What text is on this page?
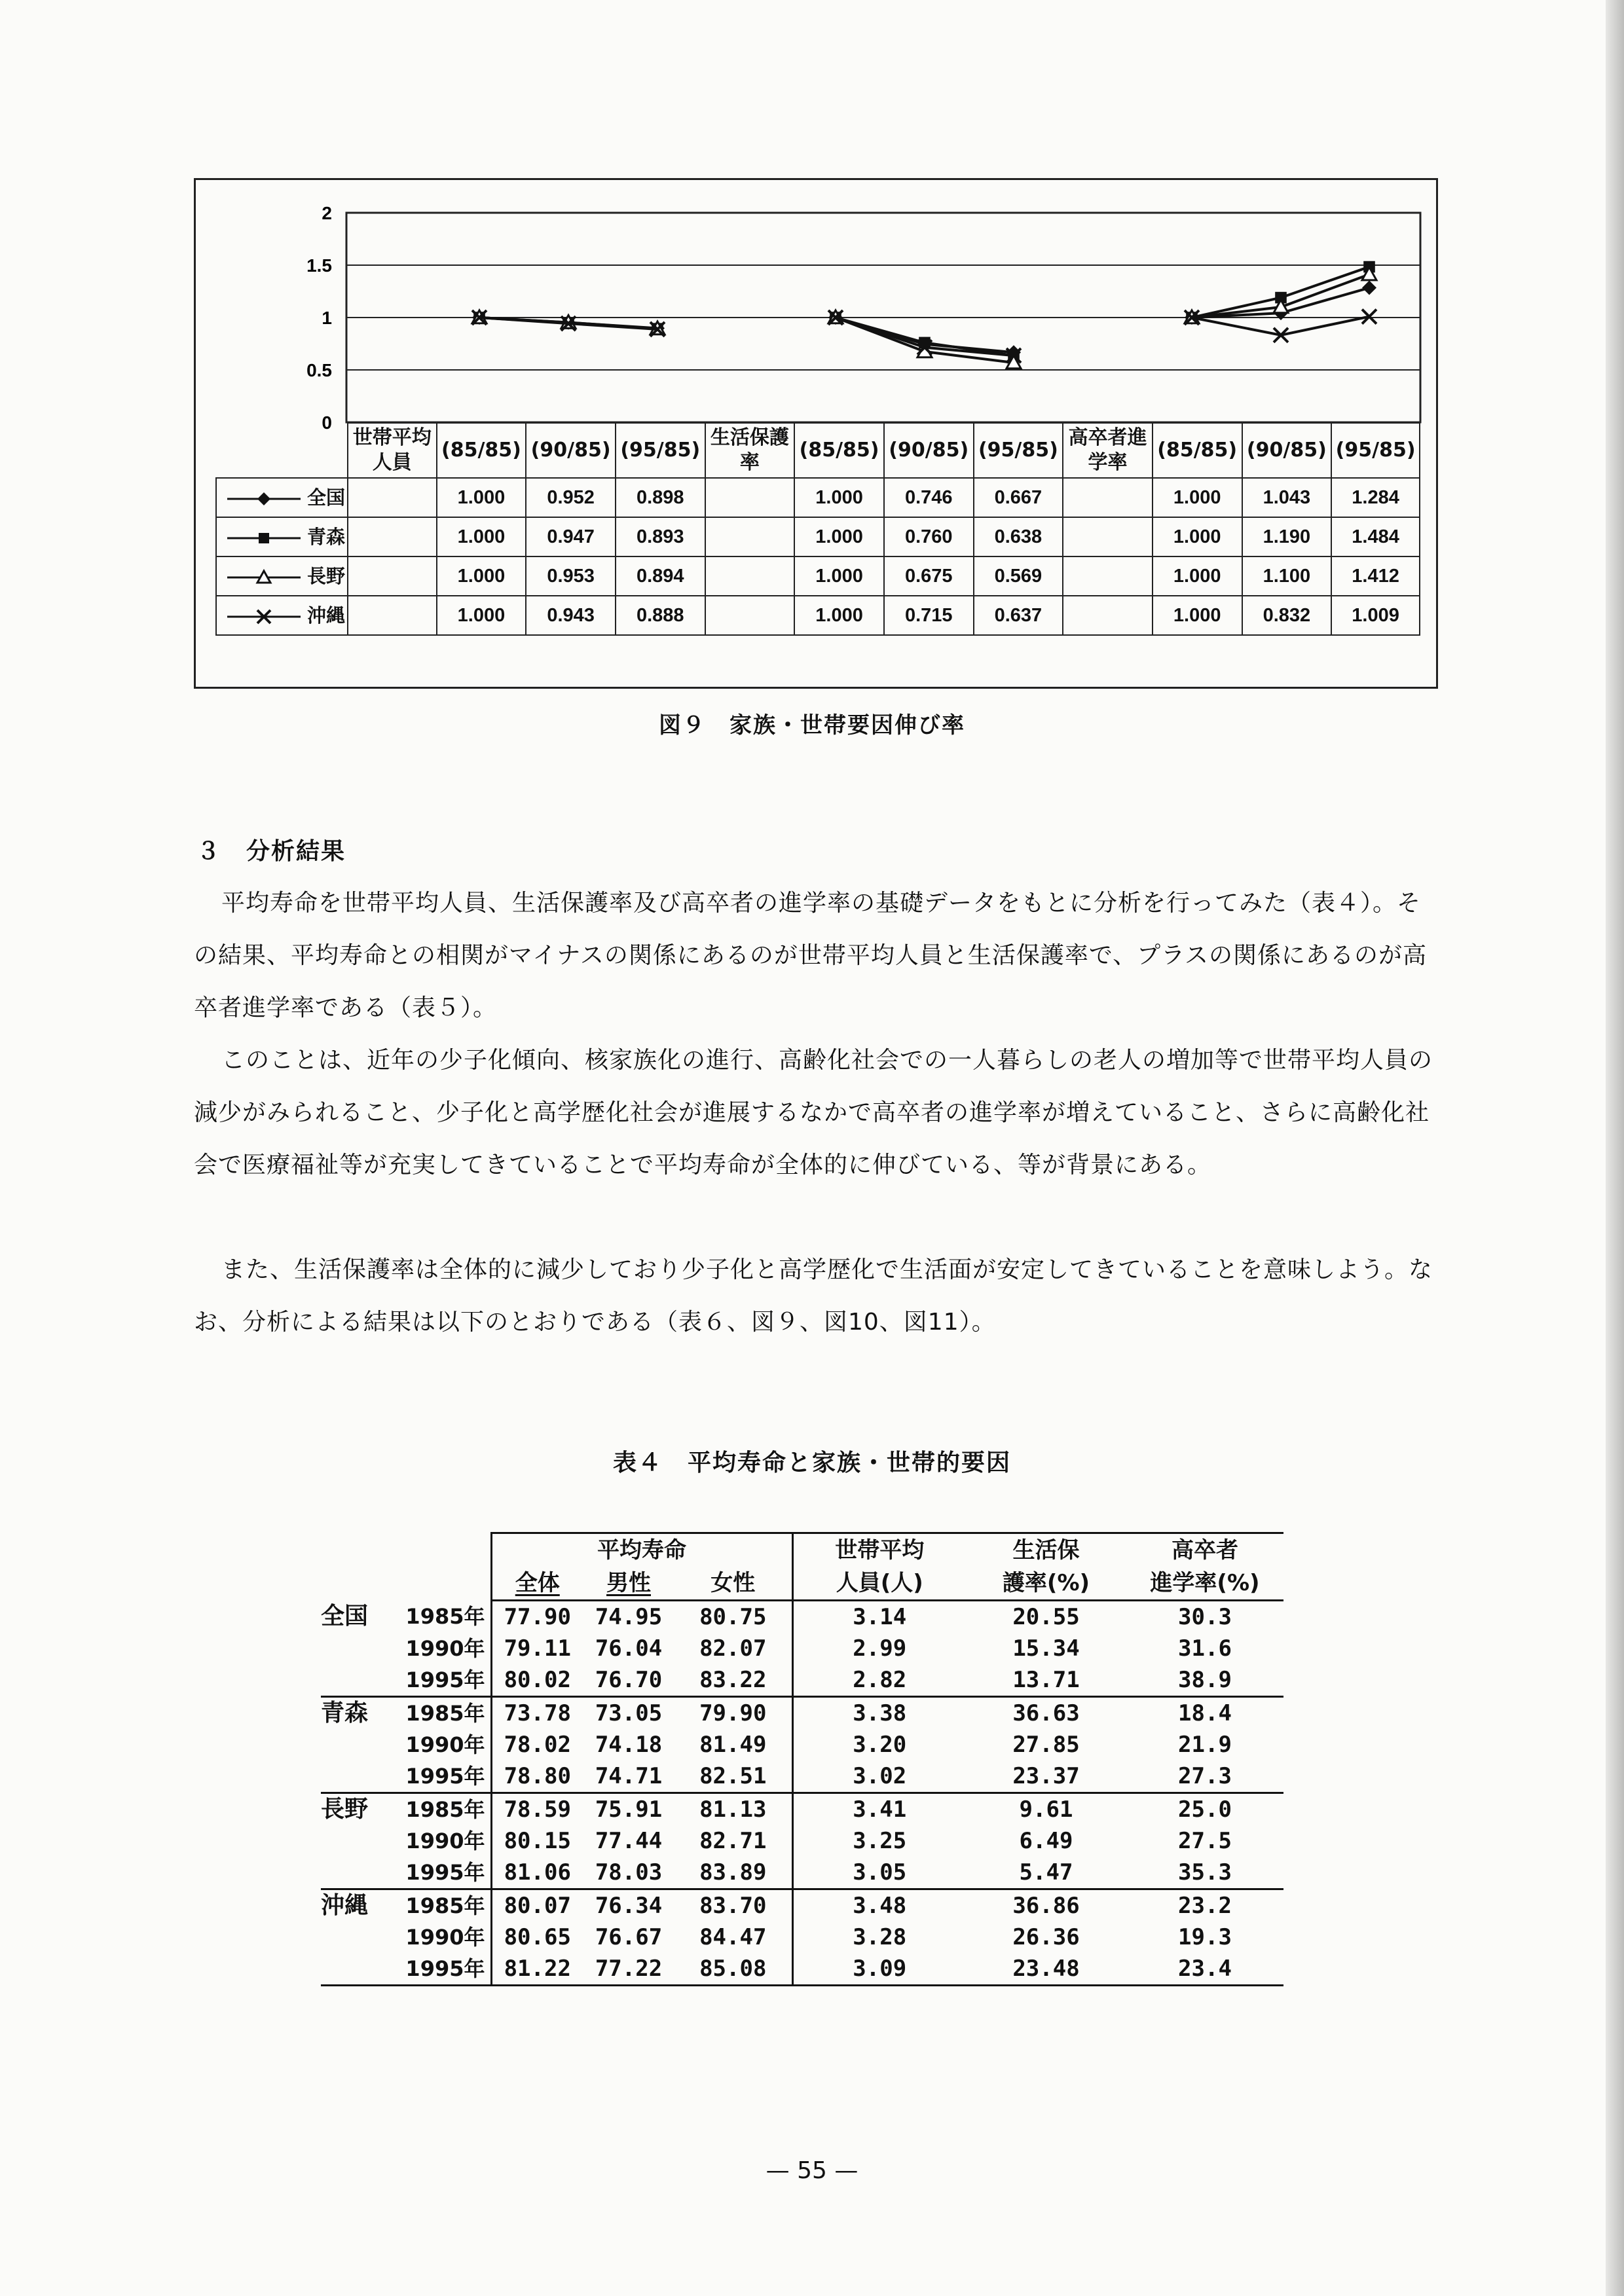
0
0.5
1
1.5
2
	世帯平均人員	(85/85)	(90/85)	(95/85)	生活保護率	(85/85)	(90/85)	(95/85)	高卒者進学率	(85/85)	(90/85)	(95/85)
全国		1.000	0.952	0.898		1.000	0.746	0.667		1.000	1.043	1.284
青森		1.000	0.947	0.893		1.000	0.760	0.638		1.000	1.190	1.484
長野		1.000	0.953	0.894		1.000	0.675	0.569		1.000	1.100	1.412
沖縄		1.000	0.943	0.888		1.000	0.715	0.637		1.000	0.832	1.009
図９　家族・世帯要因伸び率
３　分析結果
平均寿命を世帯平均人員、生活保護率及び高卒者の進学率の基礎データをもとに分析を行ってみた（表４）。その結果、平均寿命との相関がマイナスの関係にあるのが世帯平均人員と生活保護率で、プラスの関係にあるのが高卒者進学率である（表５）。
このことは、近年の少子化傾向、核家族化の進行、高齢化社会での一人暮らしの老人の増加等で世帯平均人員の減少がみられること、少子化と高学歴化社会が進展するなかで高卒者の進学率が増えていること、さらに高齢化社会で医療福祉等が充実してきていることで平均寿命が全体的に伸びている、等が背景にある。
また、生活保護率は全体的に減少しており少子化と高学歴化で生活面が安定してきていることを意味しよう。なお、分析による結果は以下のとおりである（表６、図９、図10、図11）。
表４　平均寿命と家族・世帯的要因
		平均寿命			世帯平均	生活保	高卒者
		全体	男性	女性	人員(人)	護率(%)	進学率(%)
全国	1985年	77.90	74.95	80.75	3.14	20.55	30.3
	1990年	79.11	76.04	82.07	2.99	15.34	31.6
	1995年	80.02	76.70	83.22	2.82	13.71	38.9
青森	1985年	73.78	73.05	79.90	3.38	36.63	18.4
	1990年	78.02	74.18	81.49	3.20	27.85	21.9
	1995年	78.80	74.71	82.51	3.02	23.37	27.3
長野	1985年	78.59	75.91	81.13	3.41	9.61	25.0
	1990年	80.15	77.44	82.71	3.25	6.49	27.5
	1995年	81.06	78.03	83.89	3.05	5.47	35.3
沖縄	1985年	80.07	76.34	83.70	3.48	36.86	23.2
	1990年	80.65	76.67	84.47	3.28	26.36	19.3
	1995年	81.22	77.22	85.08	3.09	23.48	23.4
— 55 —
